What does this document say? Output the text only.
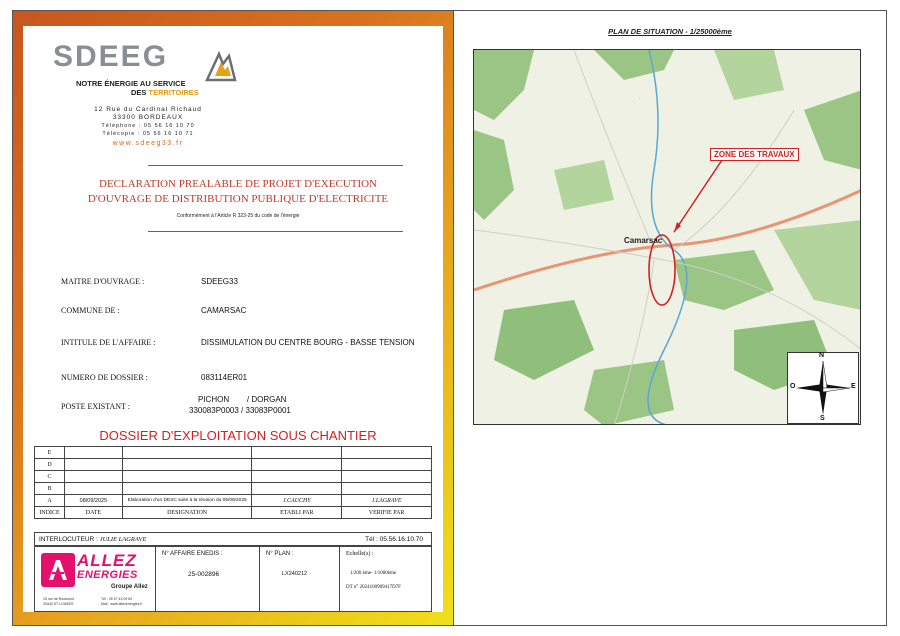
SDEEG
NOTRE ÉNERGIE AU SERVICE
DES TERRITOIRES
12 Rue du Cardinal Richaud
33300 BORDEAUX
Téléphone : 05 56 16 10 70
Télécopie : 05 56 16 10 71
www.sdeeg33.fr
DECLARATION PREALABLE DE PROJET D'EXECUTION
D'OUVRAGE DE DISTRIBUTION PUBLIQUE D'ELECTRICITE
Conformément à l'Article R 323-25 du code de l'énergie
MAITRE D'OUVRAGE :	SDEEG33
COMMUNE DE :	CAMARSAC
INTITULE DE L'AFFAIRE :	DISSIMULATION DU CENTRE BOURG - BASSE TENSION
NUMERO DE DOSSIER :	083114ER01
POSTE EXISTANT :
PICHON        / DORGAN
330083P0003 / 33083P0001
DOSSIER D'EXPLOITATION SOUS CHANTIER
E				
D				
C				
B				
A	08/09/2025	Elaboration d'un DESC suite à la réunion du 05/09/2025	J.CAUCHY	J.LAGRAVE
INDICE	DATE	DESIGNATION	ETABLI PAR	VERIFIE PAR
INTERLOCUTEUR : JULIE LAGRAVE	Tél : 05.56.16.10.70
ALLEZ
ENERGIES
Groupe Allez
15 rue de Rouboeuf
33440 ST LOUBES
Tél : 05 57 43 09 60
Mail : www.allezenergies.fr
N° AFFAIRE ENEDIS :
25-002896
N° PLAN :
LX240212
Echelle(s) :
1/200 ème- 1/1000ème
DT n° 2024100909417D7F
PLAN DE SITUATION - 1/25000ème
·
Camarsac
ZONE DES TRAVAUX
N
S
E
O
